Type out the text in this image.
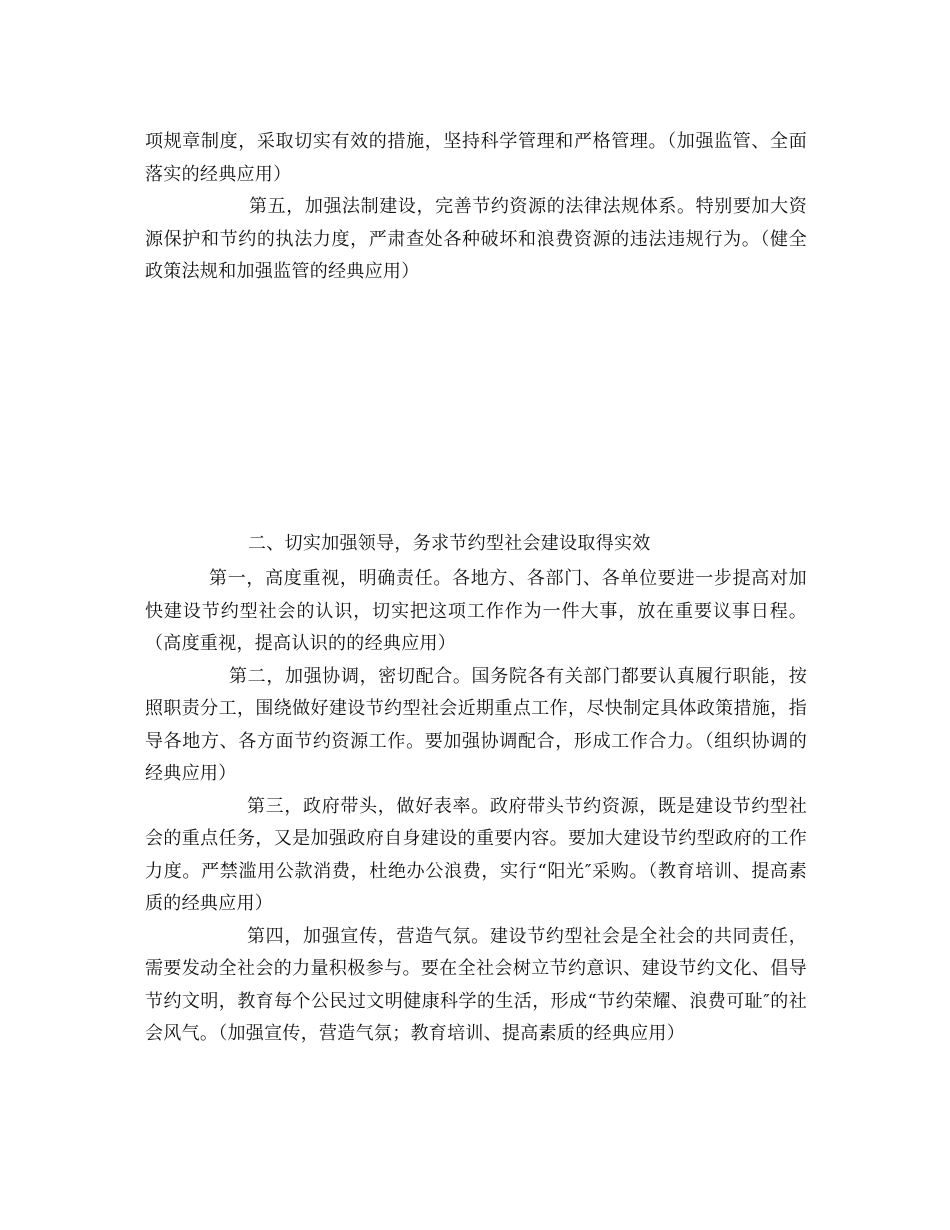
项规章制度，采取切实有效的措施，坚持科学管理和严格管理。（加强监管、全面落实的经典应用）

第五，加强法制建设，完善节约资源的法律法规体系。特别要加大资源保护和节约的执法力度，严肃查处各种破坏和浪费资源的违法违规行为。（健全政策法规和加强监管的经典应用）

二、切实加强领导，务求节约型社会建设取得实效

第一，高度重视，明确责任。各地方、各部门、各单位要进一步提高对加快建设节约型社会的认识，切实把这项工作作为一件大事，放在重要议事日程。（高度重视，提高认识的的经典应用）

第二，加强协调，密切配合。国务院各有关部门都要认真履行职能，按照职责分工，围绕做好建设节约型社会近期重点工作，尽快制定具体政策措施，指导各地方、各方面节约资源工作。要加强协调配合，形成工作合力。（组织协调的经典应用）

第三，政府带头，做好表率。政府带头节约资源，既是建设节约型社会的重点任务，又是加强政府自身建设的重要内容。要加大建设节约型政府的工作力度。严禁滥用公款消费，杜绝办公浪费，实行“阳光″采购。（教育培训、提高素质的经典应用）

第四，加强宣传，营造气氛。建设节约型社会是全社会的共同责任，需要发动全社会的力量积极参与。要在全社会树立节约意识、建设节约文化、倡导节约文明，教育每个公民过文明健康科学的生活，形成“节约荣耀、浪费可耻″的社会风气。（加强宣传，营造气氛；教育培训、提高素质的经典应用）
